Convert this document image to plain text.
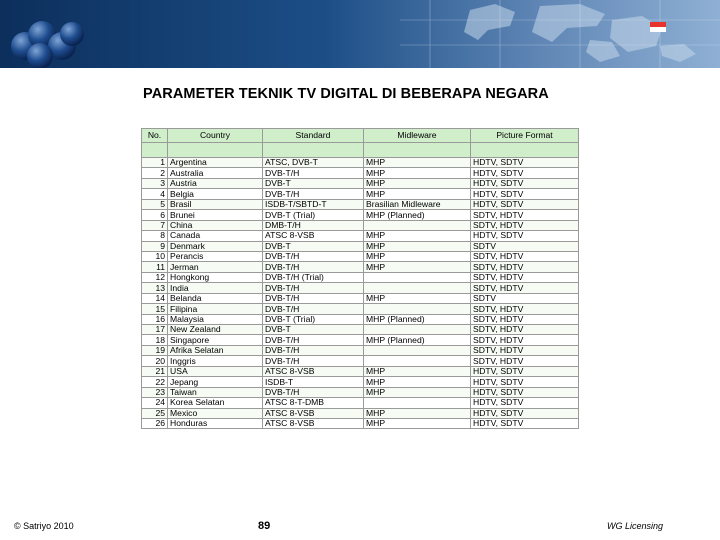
PARAMETER TEKNIK TV DIGITAL DI BEBERAPA NEGARA
No.	Country	Standard	Midleware	Picture Format

1	Argentina	ATSC, DVB-T	MHP	HDTV, SDTV
2	Australia	DVB-T/H	MHP	HDTV, SDTV
3	Austria	DVB-T	MHP	HDTV, SDTV
4	Belgia	DVB-T/H	MHP	HDTV, SDTV
5	Brasil	ISDB-T/SBTD-T	Brasilian Midleware	HDTV, SDTV
6	Brunei	DVB-T (Trial)	MHP (Planned)	SDTV, HDTV
7	China	DMB-T/H		SDTV, HDTV
8	Canada	ATSC 8-VSB	MHP	HDTV, SDTV
9	Denmark	DVB-T	MHP	SDTV
10	Perancis	DVB-T/H	MHP	SDTV, HDTV
11	Jerman	DVB-T/H	MHP	SDTV, HDTV
12	Hongkong	DVB-T/H (Trial)		SDTV, HDTV
13	India	DVB-T/H		SDTV, HDTV
14	Belanda	DVB-T/H	MHP	SDTV
15	Filipina	DVB-T/H		SDTV, HDTV
16	Malaysia	DVB-T (Trial)	MHP (Planned)	SDTV, HDTV
17	New Zealand	DVB-T		SDTV, HDTV
18	Singapore	DVB-T/H	MHP (Planned)	SDTV, HDTV
19	Afrika Selatan	DVB-T/H		SDTV, HDTV
20	Inggris	DVB-T/H		SDTV, HDTV
21	USA	ATSC 8-VSB	MHP	HDTV, SDTV
22	Jepang	ISDB-T	MHP	HDTV, SDTV
23	Taiwan	DVB-T/H	MHP	HDTV, SDTV
24	Korea Selatan	ATSC 8-T-DMB		HDTV, SDTV
25	Mexico	ATSC 8-VSB	MHP	HDTV, SDTV
26	Honduras	ATSC 8-VSB	MHP	HDTV, SDTV
© Satriyo 2010	89	WG Licensing
